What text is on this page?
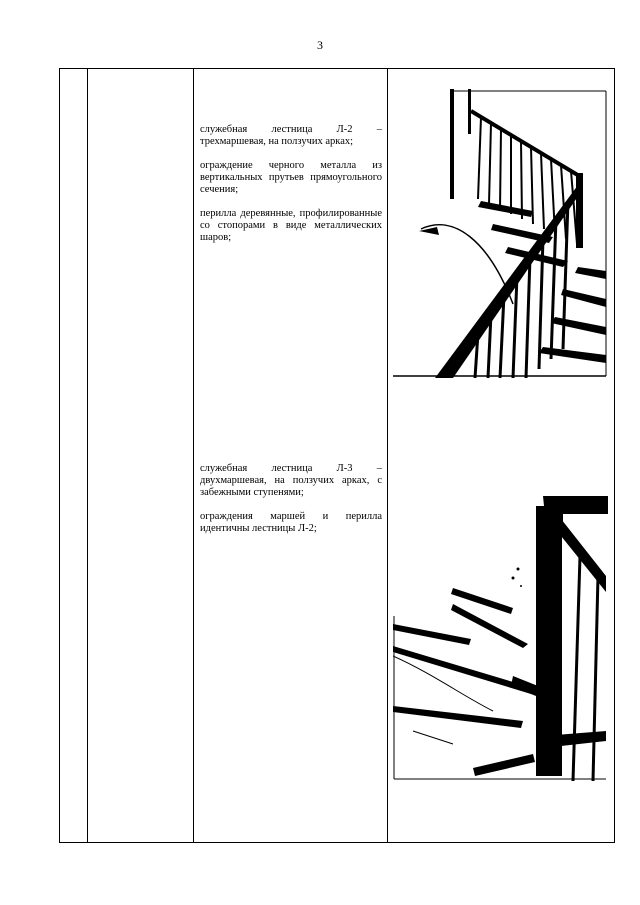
3

служебная лестница Л-2 – трехмаршевая, на ползучих арках;

ограждение черного металла из вертикальных прутьев прямоугольного сечения;

перилла деревянные, профилированные со стопорами в виде металлических шаров;

служебная лестница Л-3 – двухмаршевая, на ползучих арках, с забежными ступенями;

ограждения маршей и перилла идентичны лестницы Л-2;
